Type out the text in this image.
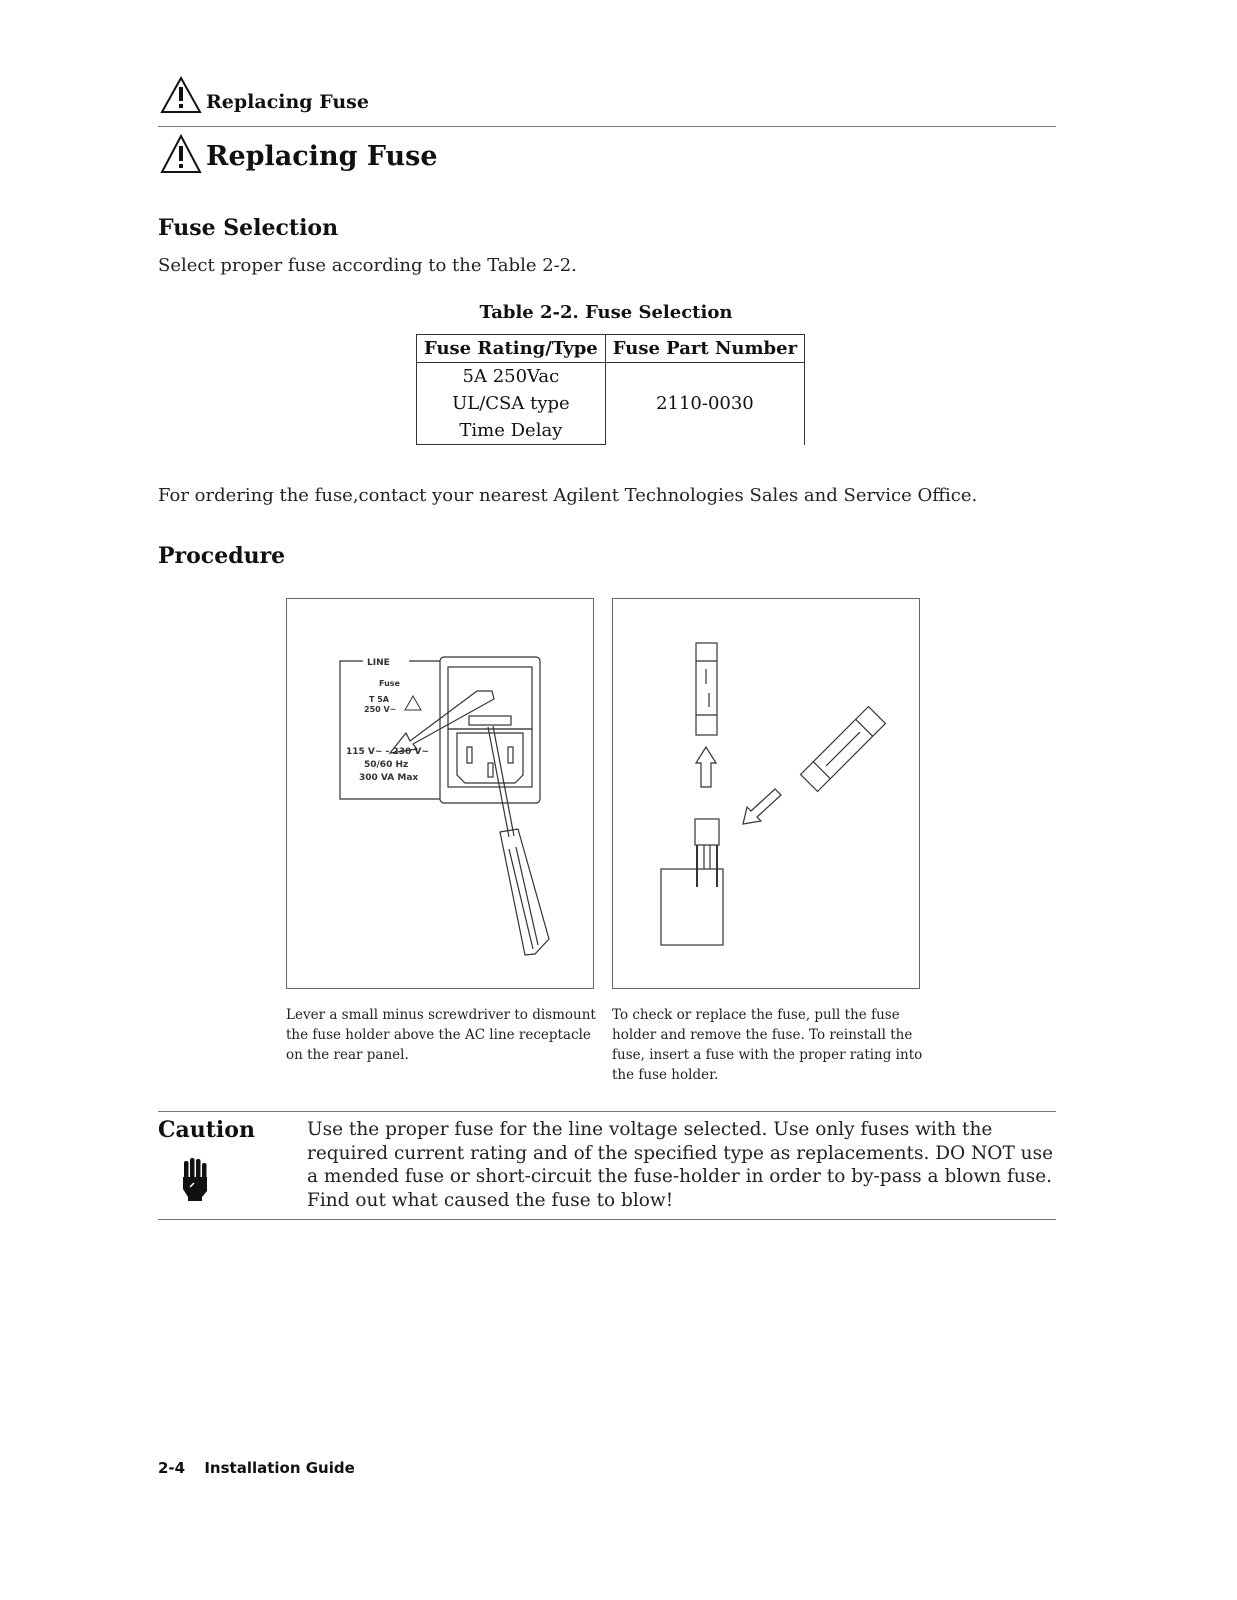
Replacing Fuse
Replacing Fuse
Fuse Selection
Select proper fuse according to the Table 2-2.
Table 2-2. Fuse Selection
Fuse Rating/Type	Fuse Part Number
5A 250Vac	2110-0030
UL/CSA type	
Time Delay	
For ordering the fuse,contact your nearest Agilent Technologies Sales and Service Office.
Procedure
LINE
Fuse
T 5A
250 V~
115 V~ - 230 V~
50/60 Hz
300 VA Max
Lever a small minus screwdriver to dismount the fuse holder above the AC line receptacle on the rear panel.
To check or replace the fuse, pull the fuse holder and remove the fuse. To reinstall the fuse, insert a fuse with the proper rating into the fuse holder.
Caution	Use the proper fuse for the line voltage selected. Use only fuses with the required current rating and of the specified type as replacements. DO NOT use a mended fuse or short-circuit the fuse-holder in order to by-pass a blown fuse. Find out what caused the fuse to blow!
2-4 Installation Guide
